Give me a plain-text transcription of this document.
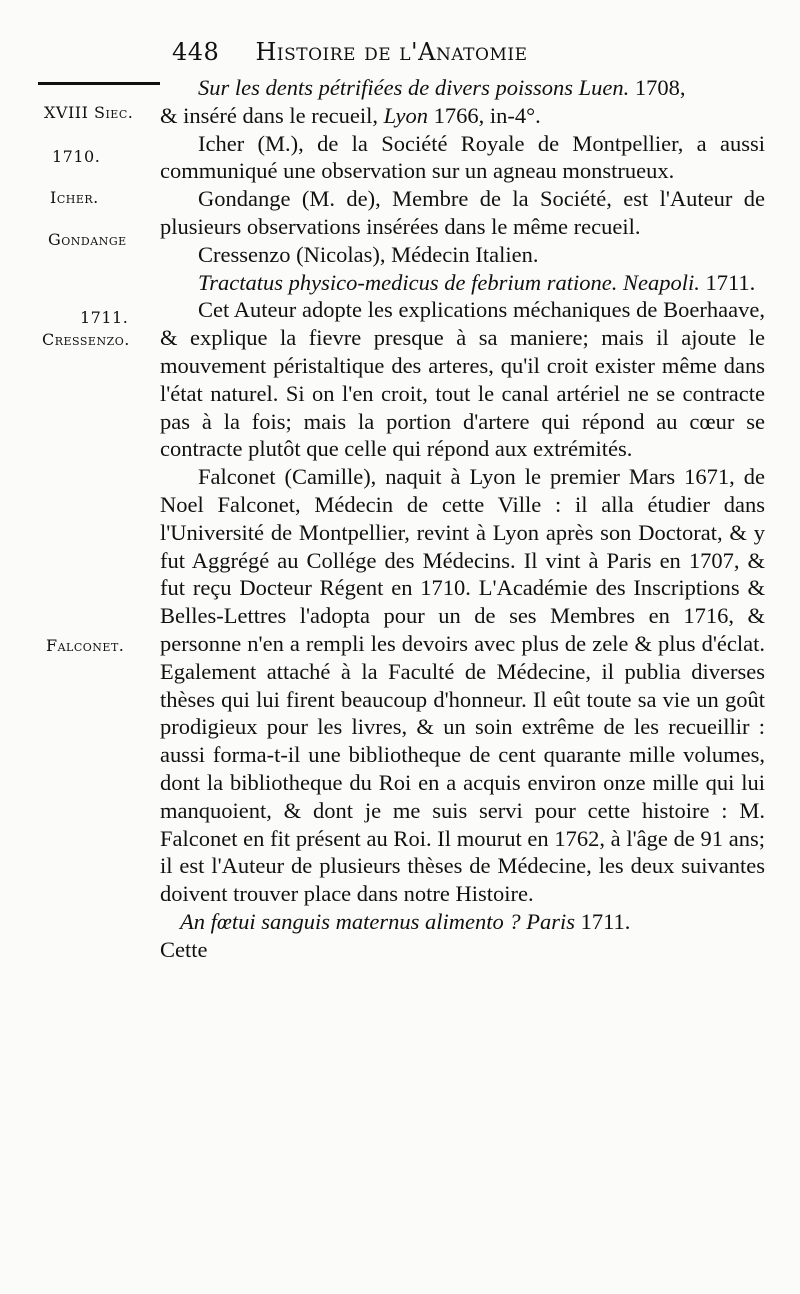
448 Histoire de l'Anatomie
XVIII Siec.
1710.
Icher.
Gondange
1711.
Cressenzo.
Falconet.

Sur les dents pétrifiées de divers poissons Luen. 1708,

& inséré dans le recueil, Lyon 1766, in-4°.

Icher (M.), de la Société Royale de Montpellier, a aussi communiqué une observation sur un agneau monstrueux.

Gondange (M. de), Membre de la Société, est l'Auteur de plusieurs observations insérées dans le même recueil.

Cressenzo (Nicolas), Médecin Italien.

Tractatus physico-medicus de febrium ratione. Neapoli. 1711.

Cet Auteur adopte les explications méchaniques de Boerhaave, & explique la fievre presque à sa maniere; mais il ajoute le mouvement péristaltique des arteres, qu'il croit exister même dans l'état naturel. Si on l'en croit, tout le canal artériel ne se contracte pas à la fois; mais la portion d'artere qui répond au cœur se contracte plutôt que celle qui répond aux extrémités.

Falconet (Camille), naquit à Lyon le premier Mars 1671, de Noel Falconet, Médecin de cette Ville : il alla étudier dans l'Université de Montpellier, revint à Lyon après son Doctorat, & y fut Aggrégé au Collége des Médecins. Il vint à Paris en 1707, & fut reçu Docteur Régent en 1710. L'Académie des Inscriptions & Belles-Lettres l'adopta pour un de ses Membres en 1716, & personne n'en a rempli les devoirs avec plus de zele & plus d'éclat. Egalement attaché à la Faculté de Médecine, il publia diverses thèses qui lui firent beaucoup d'honneur. Il eût toute sa vie un goût prodigieux pour les livres, & un soin extrême de les recueillir : aussi forma-t-il une bibliotheque de cent quarante mille volumes, dont la bibliotheque du Roi en a acquis environ onze mille qui lui manquoient, & dont je me suis servi pour cette histoire : M. Falconet en fit présent au Roi. Il mourut en 1762, à l'âge de 91 ans; il est l'Auteur de plusieurs thèses de Médecine, les deux suivantes doivent trouver place dans notre Histoire.

An fœtui sanguis maternus alimento ? Paris 1711.

Cette
